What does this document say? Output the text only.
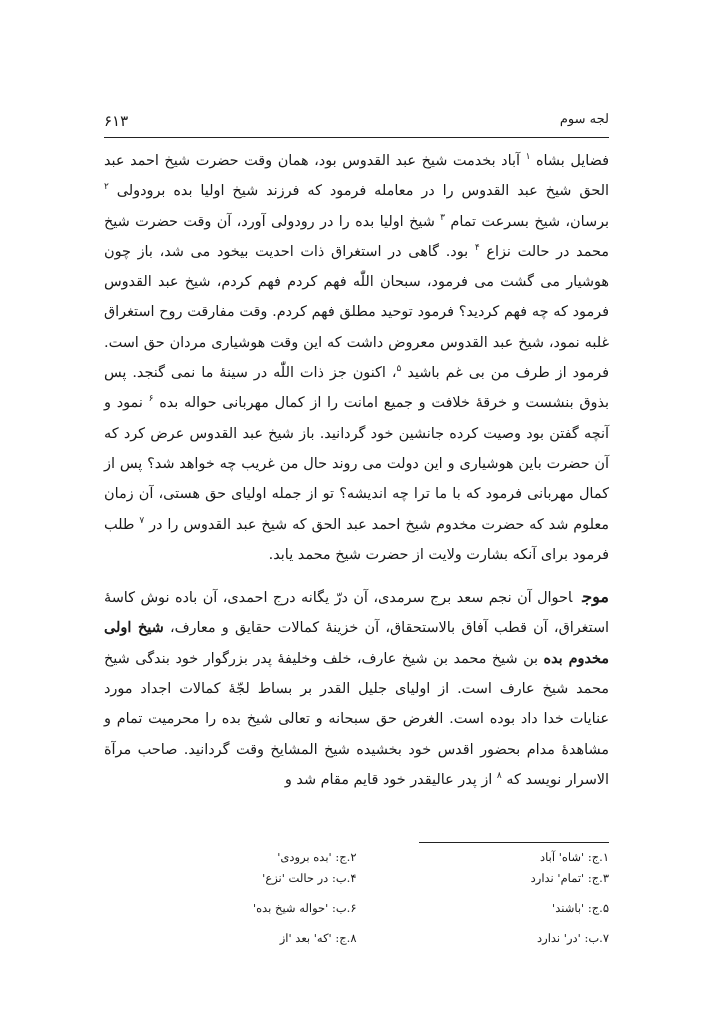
۶۱۳	لجه سوم

فضایل بشاه $^۱$ آباد بخدمت شیخ عبد القدوس بود، همان وقت حضرت شیخ احمد عبد الحق شیخ عبد القدوس را در معامله فرمود که فرزند شیخ اولیا بده برودولی $^۲$ برسان، شیخ بسرعت تمام $^۳$ شیخ اولیا بده را در رودولی آورد، آن وقت حضرت شیخ محمد در حالت نزاع $^۴$ بود. گاهی در استغراق ذات احدیت بیخود می شد، باز چون هوشیار می گشت می فرمود، سبحان اللّٰه فهم کردم فهم کردم، شیخ عبد القدوس فرمود که چه فهم کردید؟ فرمود توحید مطلق فهم کردم. وقت مفارقت روح استغراق غلبه نمود، شیخ عبد القدوس معروض داشت که این وقت هوشیاری مردان حق است. فرمود از طرف من بی غم باشید $^۵$، اکنون جز ذات اللّٰه در سینهٔ ما نمی گنجد. پس بذوق بنشست و خرقهٔ خلافت و جمیع امانت را از کمال مهربانی حواله بده $^۶$ نمود و آنچه گفتن بود وصیت کرده جانشین خود گردانید. باز شیخ عبد القدوس عرض کرد که آن حضرت باین هوشیاری و این دولت می روند حال من غریب چه خواهد شد؟ پس از کمال مهربانی فرمود که با ما ترا چه اندیشه؟ تو از جمله اولیای حق هستی، آن زمان معلوم شد که حضرت مخدوم شیخ احمد عبد الحق که شیخ عبد القدوس را در $^۷$ طلب فرمود برای آنکه بشارت ولایت از حضرت شیخ محمد یابد.

موجاحوال آن نجم سعد برج سرمدی، آن درّ یگانه درج احمدی، آن باده نوش کاسهٔ استغراق، آن قطب آفاق بالاستحقاق، آن خزینهٔ کمالات حقایق و معارف، شیخ اولی مخدوم بده بن شیخ محمد بن شیخ عارف، خلف وخلیفهٔ پدر بزرگوار خود بندگی شیخ محمد شیخ عارف است. از اولیای جلیل القدر بر بساط لجّهٔ کمالات اجداد مورد عنایات خدا داد بوده است. الغرض حق سبحانه و تعالی شیخ بده را محرمیت تمام و مشاهدهٔ مدام بحضور اقدس خود بخشیده شیخ المشایخ وقت گردانید. صاحب مرآة الاسرار نویسد که $^۸$ از پدر عالیقدر خود قایم مقام شد و

۱.ج: 'شاه' آباد
۲.ج: 'بده برودی'
۳.ج: 'تمام' ندارد
۴.ب: در حالت 'نزع'
۵.ج: 'باشند'
۶.ب: 'حواله شیخ بده'
۷.ب: 'در' ندارد
۸.ج: 'که' بعد 'از
